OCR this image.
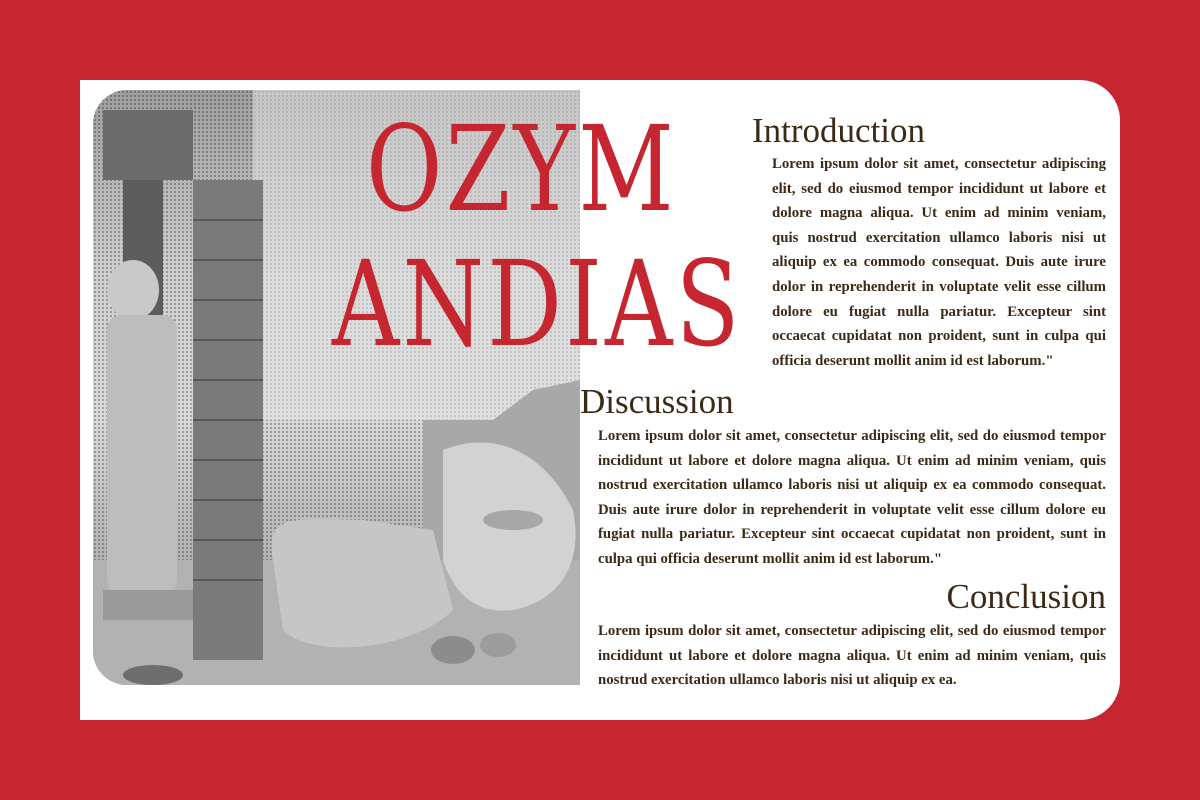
OZYM
ANDIAS
Introduction

Lorem ipsum dolor sit amet, consectetur adipiscing elit, sed do eiusmod tempor incididunt ut labore et dolore magna aliqua. Ut enim ad minim veniam, quis nostrud exercitation ullamco laboris nisi ut aliquip ex ea commodo consequat. Duis aute irure dolor in reprehenderit in voluptate velit esse cillum dolore eu fugiat nulla pariatur. Excepteur sint occaecat cupidatat non proident, sunt in culpa qui officia deserunt mollit anim id est laborum."

Discussion

Lorem ipsum dolor sit amet, consectetur adipiscing elit, sed do eiusmod tempor incididunt ut labore et dolore magna aliqua. Ut enim ad minim veniam, quis nostrud exercitation ullamco laboris nisi ut aliquip ex ea commodo consequat. Duis aute irure dolor in reprehenderit in voluptate velit esse cillum dolore eu fugiat nulla pariatur. Excepteur sint occaecat cupidatat non proident, sunt in culpa qui officia deserunt mollit anim id est laborum."

Conclusion

Lorem ipsum dolor sit amet, consectetur adipiscing elit, sed do eiusmod tempor incididunt ut labore et dolore magna aliqua. Ut enim ad minim veniam, quis nostrud exercitation ullamco laboris nisi ut aliquip ex ea.
